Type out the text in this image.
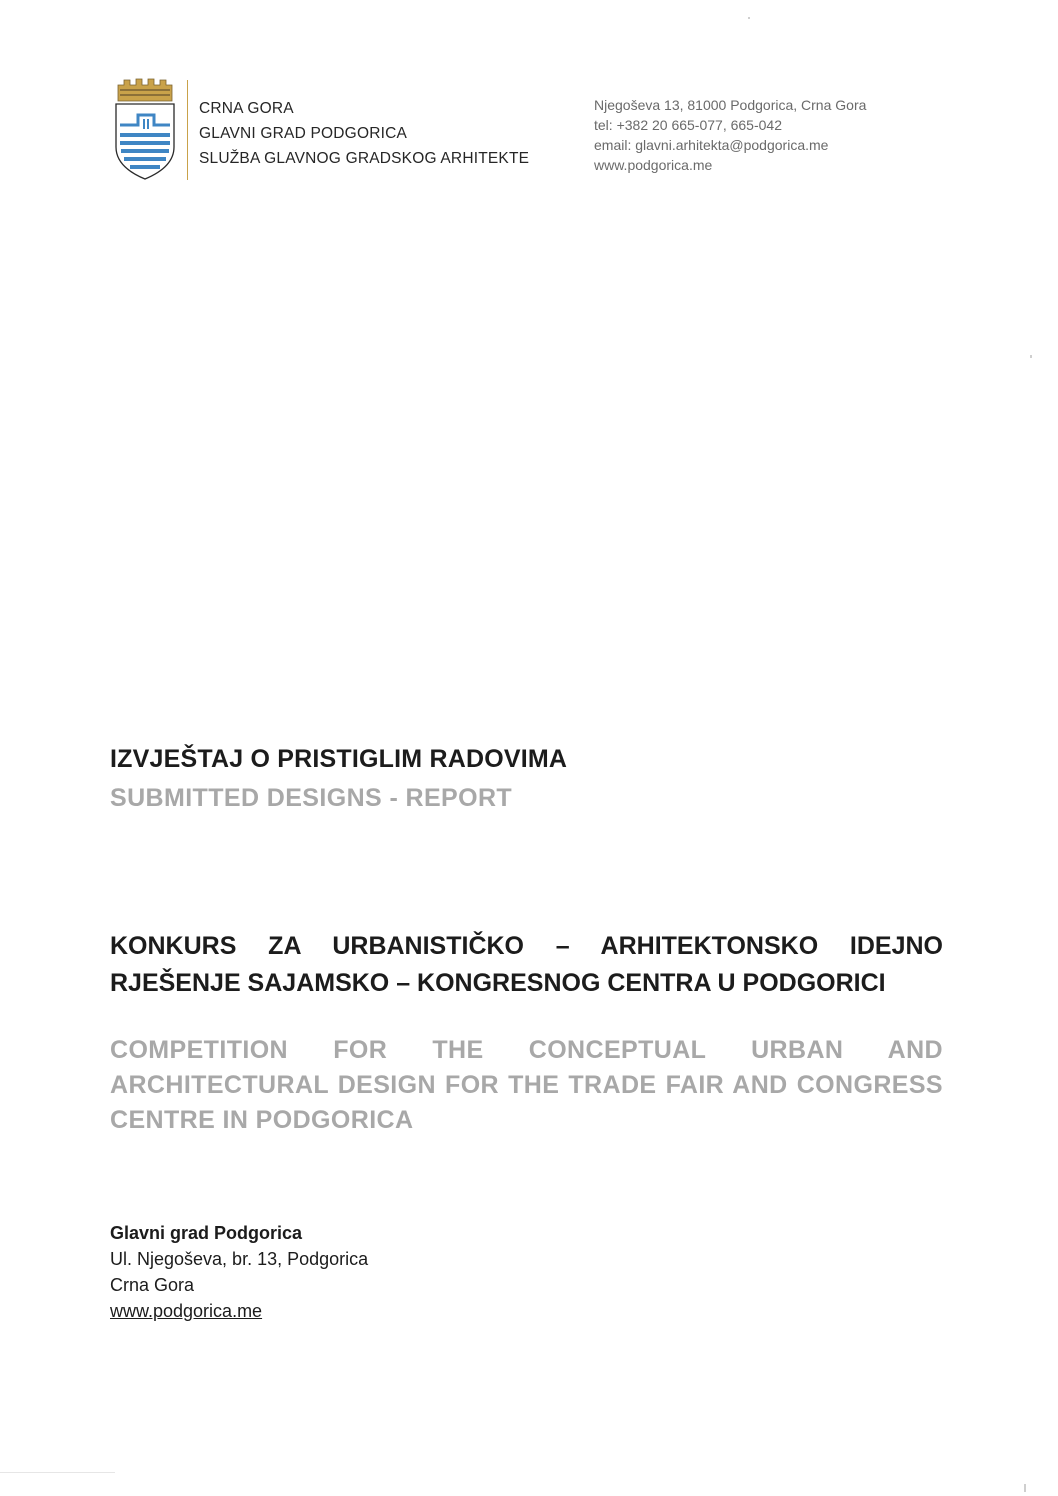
CRNA GORA
GLAVNI GRAD PODGORICA
SLUŽBA GLAVNOG GRADSKOG ARHITEKTE
Njegoševa 13, 81000 Podgorica, Crna Gora
tel: +382 20 665-077, 665-042
email: glavni.arhitekta@podgorica.me
www.podgorica.me
IZVJEŠTAJ O PRISTIGLIM RADOVIMA
SUBMITTED DESIGNS - REPORT
KONKURS ZA URBANISTIČKO – ARHITEKTONSKO IDEJNO RJEŠENJE SAJAMSKO – KONGRESNOG CENTRA U PODGORICI
COMPETITION FOR THE CONCEPTUAL URBAN AND ARCHITECTURAL DESIGN FOR THE TRADE FAIR AND CONGRESS CENTRE IN PODGORICA
Glavni grad Podgorica
Ul. Njegoševa, br. 13, Podgorica
Crna Gora
www.podgorica.me
